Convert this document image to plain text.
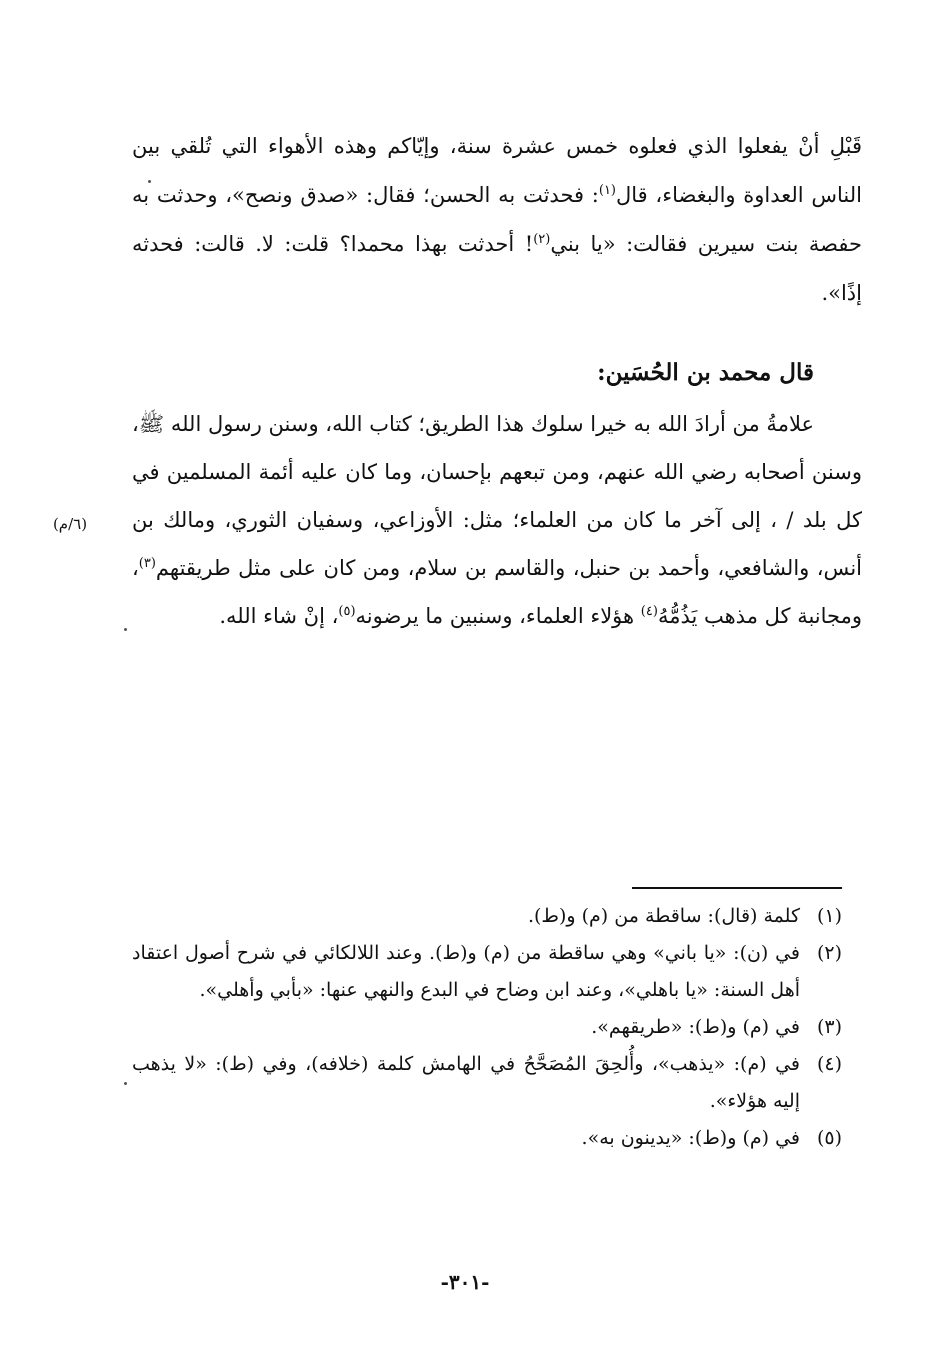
قَبْلِ أنْ يفعلوا الذي فعلوه خمس عشرة سنة، وإيّاكم وهذه الأهواء التي تُلقي بين الناس العداوة والبغضاء، قال$^{(١)}$: فحدثت به الحسن؛ فقال: «صدق ونصح»، وحدثت به حفصة بنت سيرين فقالت: «يا بني$^{(٢)}$! أحدثت بهذا محمدا؟ قلت: لا. قالت: فحدثه إذًا».

قال محمد بن الحُسَين:

علامةُ من أرادَ الله به خيرا سلوك هذا الطريق؛ كتاب الله، وسنن رسول الله ﷺ، وسنن أصحابه رضي الله عنهم، ومن تبعهم بإحسان، وما كان عليه أئمة المسلمين في كل بلد / ، إلى آخر ما كان من العلماء؛ مثل: الأوزاعي، وسفيان الثوري، ومالك بن أنس، والشافعي، وأحمد بن حنبل، والقاسم بن سلام، ومن كان على مثل طريقتهم$^{(٣)}$، ومجانبة كل مذهب يَذُمُّهُ$^{(٤)}$ هؤلاء العلماء، وسنبين ما يرضونه$^{(٥)}$، إنْ شاء الله.

(٦/م)
(١)
كلمة (قال): ساقطة من (م) و(ط).
(٢)
في (ن): «يا باني» وهي ساقطة من (م) و(ط). وعند اللالكائي في شرح أصول اعتقاد أهل السنة: «يا باهلي»، وعند ابن وضاح في البدع والنهي عنها: «بأبي وأهلي».
(٣)
في (م) و(ط): «طريقهم».
(٤)
في (م): «يذهب»، وأُلحِقَ المُصَحَّحُ في الهامش كلمة (خلافه)، وفي (ط): «لا يذهب إليه هؤلاء».
(٥)
في (م) و(ط): «يدينون به».
-٣٠١-
